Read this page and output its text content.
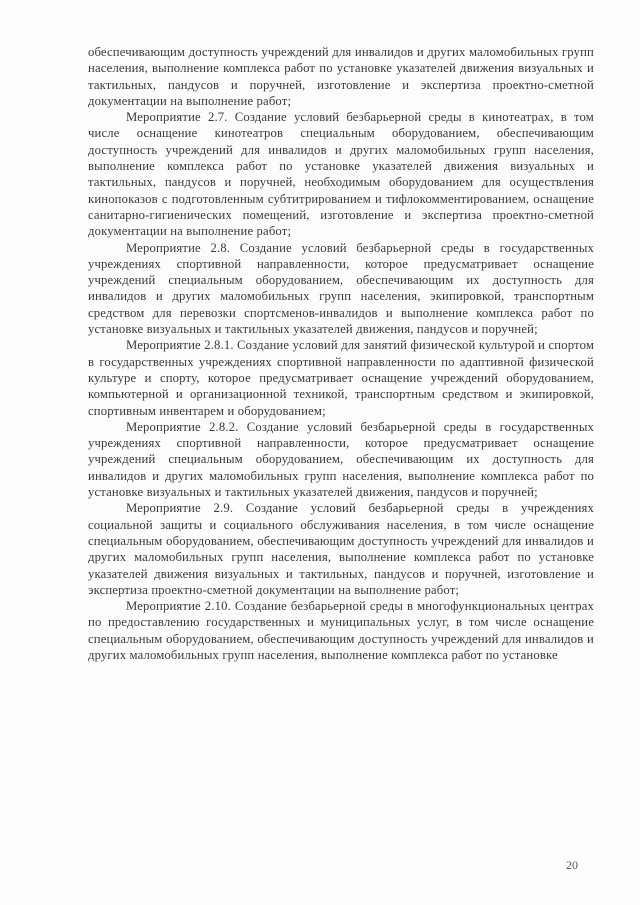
обеспечивающим доступность учреждений для инвалидов и других маломобильных групп населения, выполнение комплекса работ по установке указателей движения визуальных и тактильных, пандусов и поручней, изготовление и экспертиза проектно-сметной документации на выполнение работ;

Мероприятие 2.7. Создание условий безбарьерной среды в кинотеатрах, в том числе оснащение кинотеатров специальным оборудованием, обеспечивающим доступность учреждений для инвалидов и других маломобильных групп населения, выполнение комплекса работ по установке указателей движения визуальных и тактильных, пандусов и поручней, необходимым оборудованием для осуществления кинопоказов с подготовленным субтитрированием и тифлокомментированием, оснащение санитарно-гигиенических помещений, изготовление и экспертиза проектно-сметной документации на выполнение работ;

Мероприятие 2.8. Создание условий безбарьерной среды в государственных учреждениях спортивной направленности, которое предусматривает оснащение учреждений специальным оборудованием, обеспечивающим их доступность для инвалидов и других маломобильных групп населения, экипировкой, транспортным средством для перевозки спортсменов-инвалидов и выполнение комплекса работ по установке визуальных и тактильных указателей движения, пандусов и поручней;

Мероприятие 2.8.1. Создание условий для занятий физической культурой и спортом в государственных учреждениях спортивной направленности по адаптивной физической культуре и спорту, которое предусматривает оснащение учреждений оборудованием, компьютерной и организационной техникой, транспортным средством и экипировкой, спортивным инвентарем и оборудованием;

Мероприятие 2.8.2. Создание условий безбарьерной среды в государственных учреждениях спортивной направленности, которое предусматривает оснащение учреждений специальным оборудованием, обеспечивающим их доступность для инвалидов и других маломобильных групп населения, выполнение комплекса работ по установке визуальных и тактильных указателей движения, пандусов и поручней;

Мероприятие 2.9. Создание условий безбарьерной среды в учреждениях социальной защиты и социального обслуживания населения, в том числе оснащение специальным оборудованием, обеспечивающим доступность учреждений для инвалидов и других маломобильных групп населения, выполнение комплекса работ по установке указателей движения визуальных и тактильных, пандусов и поручней, изготовление и экспертиза проектно-сметной документации на выполнение работ;

Мероприятие 2.10. Создание безбарьерной среды в многофункциональных центрах по предоставлению государственных и муниципальных услуг, в том числе оснащение специальным оборудованием, обеспечивающим доступность учреждений для инвалидов и других маломобильных групп населения, выполнение комплекса работ по установке

20
